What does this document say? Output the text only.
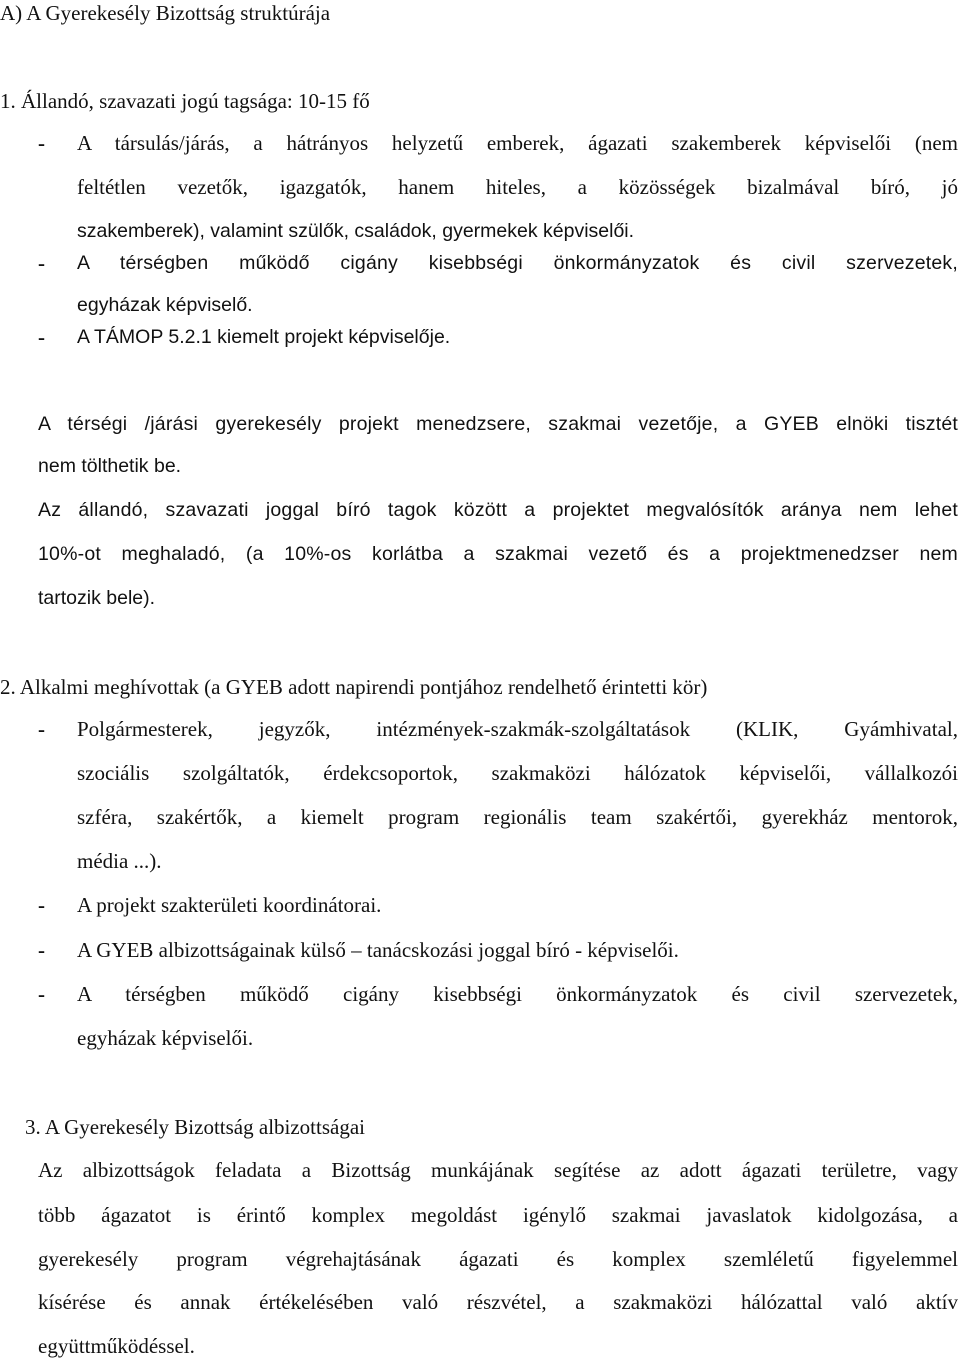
A) A Gyerekesély Bizottság struktúrája
1. Állandó, szavazati jogú tagsága: 10-15 fő
- A társulás/járás, a hátrányos helyzetű emberek, ágazati szakemberek képviselői (nem
feltétlen vezetők, igazgatók, hanem hiteles, a közösségek bizalmával bíró, jó
szakemberek), valamint szülők, családok, gyermekek képviselői.
- A térségben működő cigány kisebbségi önkormányzatok és civil szervezetek,
egyházak képviselő.
- A TÁMOP 5.2.1 kiemelt projekt képviselője.
A térségi /járási gyerekesély projekt menedzsere, szakmai vezetője, a GYEB elnöki tisztét
nem tölthetik be.
Az állandó, szavazati joggal bíró tagok között a projektet megvalósítók aránya nem lehet
10%-ot meghaladó, (a 10%-os korlátba a szakmai vezető és a projektmenedzser nem
tartozik bele).
2. Alkalmi meghívottak (a GYEB adott napirendi pontjához rendelhető érintetti kör)
- Polgármesterek, jegyzők, intézmények-szakmák-szolgáltatások (KLIK, Gyámhivatal,
szociális szolgáltatók, érdekcsoportok, szakmaközi hálózatok képviselői, vállalkozói
szféra, szakértők, a kiemelt program regionális team szakértői, gyerekház mentorok,
média ...).
- A projekt szakterületi koordinátorai.
- A GYEB albizottságainak külső – tanácskozási joggal bíró - képviselői.
- A térségben működő cigány kisebbségi önkormányzatok és civil szervezetek,
egyházak képviselői.
3. A Gyerekesély Bizottság albizottságai
Az albizottságok feladata a Bizottság munkájának segítése az adott ágazati területre, vagy
több ágazatot is érintő komplex megoldást igénylő szakmai javaslatok kidolgozása, a
gyerekesély program végrehajtásának ágazati és komplex szemléletű figyelemmel
kísérése és annak értékelésében való részvétel, a szakmaközi hálózattal való aktív
együttműködéssel.
